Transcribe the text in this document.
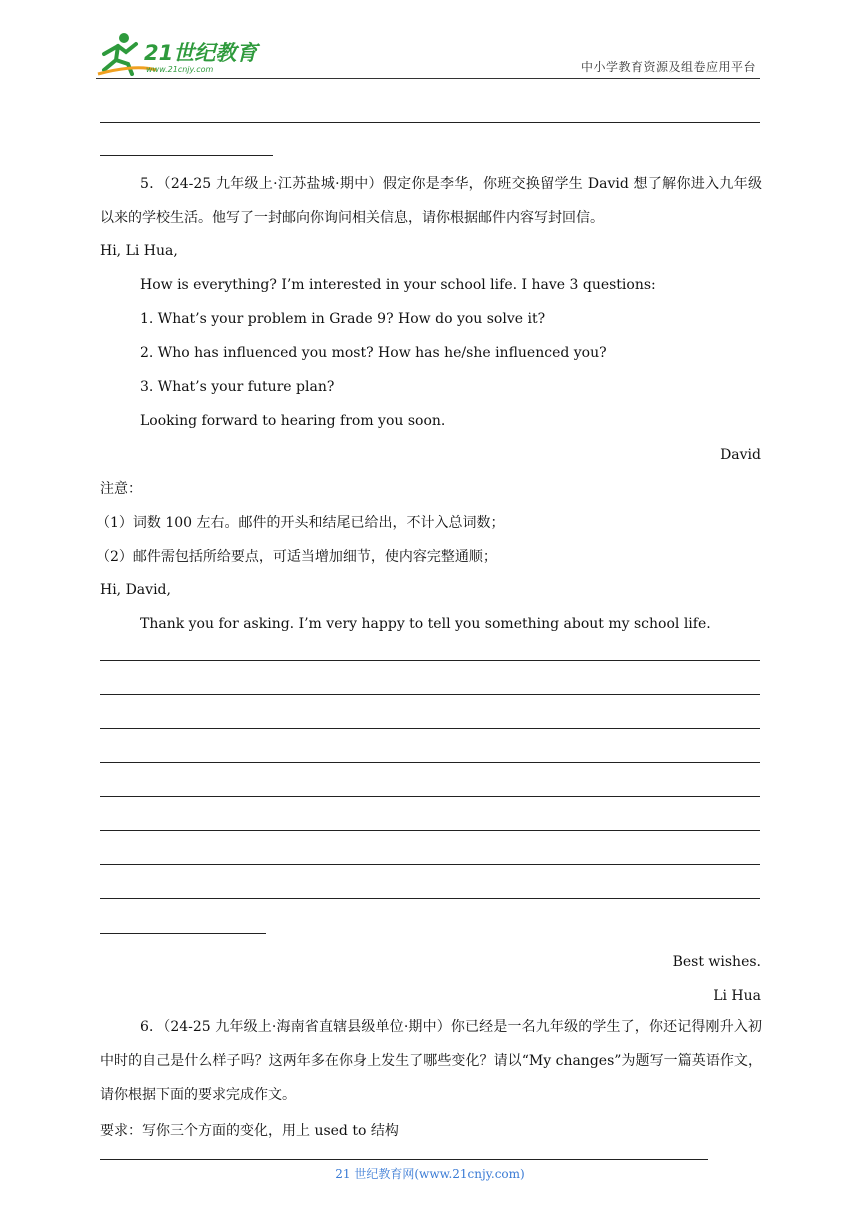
21世纪教育
www.21cnjy.com	中小学教育资源及组卷应用平台
5．（24-25 九年级上·江苏盐城·期中）假定你是李华，你班交换留学生 David 想了解你进入九年级以来的学校生活。他写了一封邮向你询问相关信息，请你根据邮件内容写封回信。
Hi, Li Hua,
How is everything? I’m interested in your school life. I have 3 questions:
1. What’s your problem in Grade 9? How do you solve it?
2. Who has influenced you most? How has he/she influenced you?
3. What’s your future plan?
Looking forward to hearing from you soon.
David
注意：
（1）词数 100 左右。邮件的开头和结尾已给出，不计入总词数；
（2）邮件需包括所给要点，可适当增加细节，使内容完整通顺；
Hi, David,
Thank you for asking. I’m very happy to tell you something about my school life.
Best wishes.
Li Hua
6．（24-25 九年级上·海南省直辖县级单位·期中）你已经是一名九年级的学生了，你还记得刚升入初中时的自己是什么样子吗？这两年多在你身上发生了哪些变化？请以“My changes”为题写一篇英语作文，请你根据下面的要求完成作文。
要求：写你三个方面的变化，用上 used to 结构
21 世纪教育网(www.21cnjy.com)
